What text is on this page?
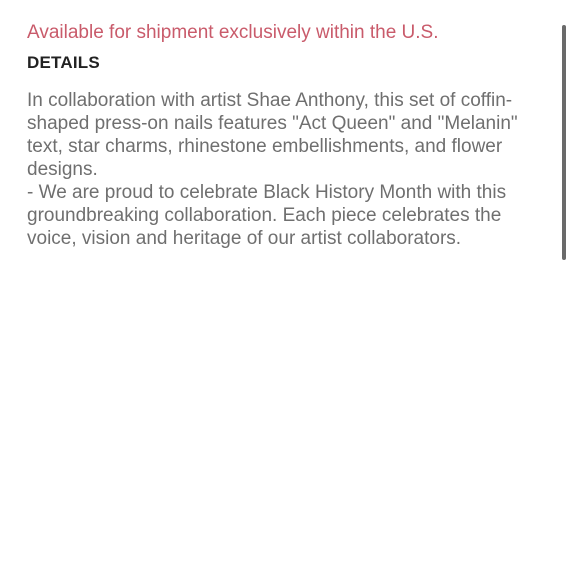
Available for shipment exclusively within the U.S.
DETAILS

In collaboration with artist Shae Anthony, this set of coffin-shaped press-on nails features "Act Queen" and "Melanin" text, star charms, rhinestone embellishments, and flower designs.

- We are proud to celebrate Black History Month with this groundbreaking collaboration. Each piece celebrates the voice, vision and heritage of our artist collaborators.
